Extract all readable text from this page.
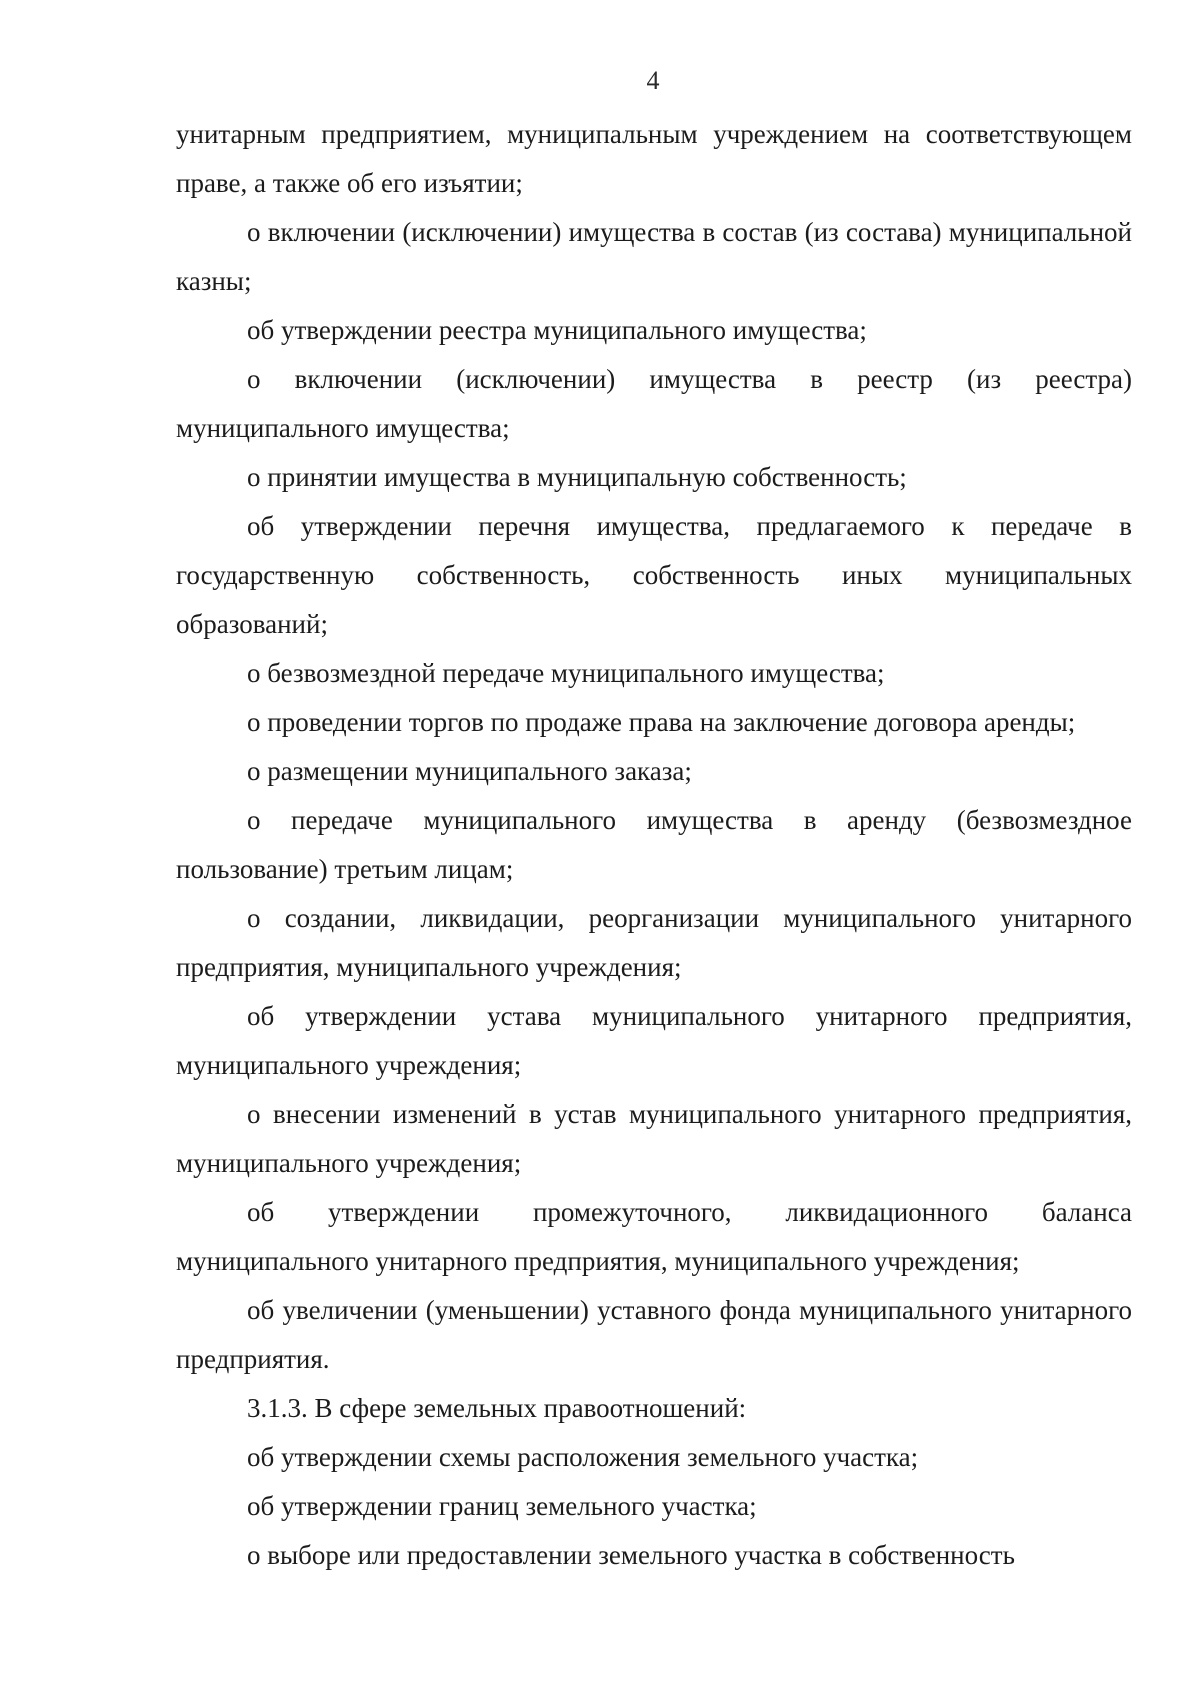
4

унитарным предприятием, муниципальным учреждением на соответствующем праве, а также об его изъятии;

о включении (исключении) имущества в состав (из состава) муниципальной казны;

об утверждении реестра муниципального имущества;

о включении (исключении) имущества в реестр (из реестра) муниципального имущества;

о принятии имущества в муниципальную собственность;

об утверждении перечня имущества, предлагаемого к передаче в государственную собственность, собственность иных муниципальных образований;

о безвозмездной передаче муниципального имущества;

о проведении торгов по продаже права на заключение договора аренды;

о размещении муниципального заказа;

о передаче муниципального имущества в аренду (безвозмездное пользование) третьим лицам;

о создании, ликвидации, реорганизации муниципального унитарного предприятия, муниципального учреждения;

об утверждении устава муниципального унитарного предприятия, муниципального учреждения;

о внесении изменений в устав муниципального унитарного предприятия, муниципального учреждения;

об утверждении промежуточного, ликвидационного баланса муниципального унитарного предприятия, муниципального учреждения;

об увеличении (уменьшении) уставного фонда муниципального унитарного предприятия.

3.1.3. В сфере земельных правоотношений:

об утверждении схемы расположения земельного участка;

об утверждении границ земельного участка;

о выборе или предоставлении земельного участка в собственность
